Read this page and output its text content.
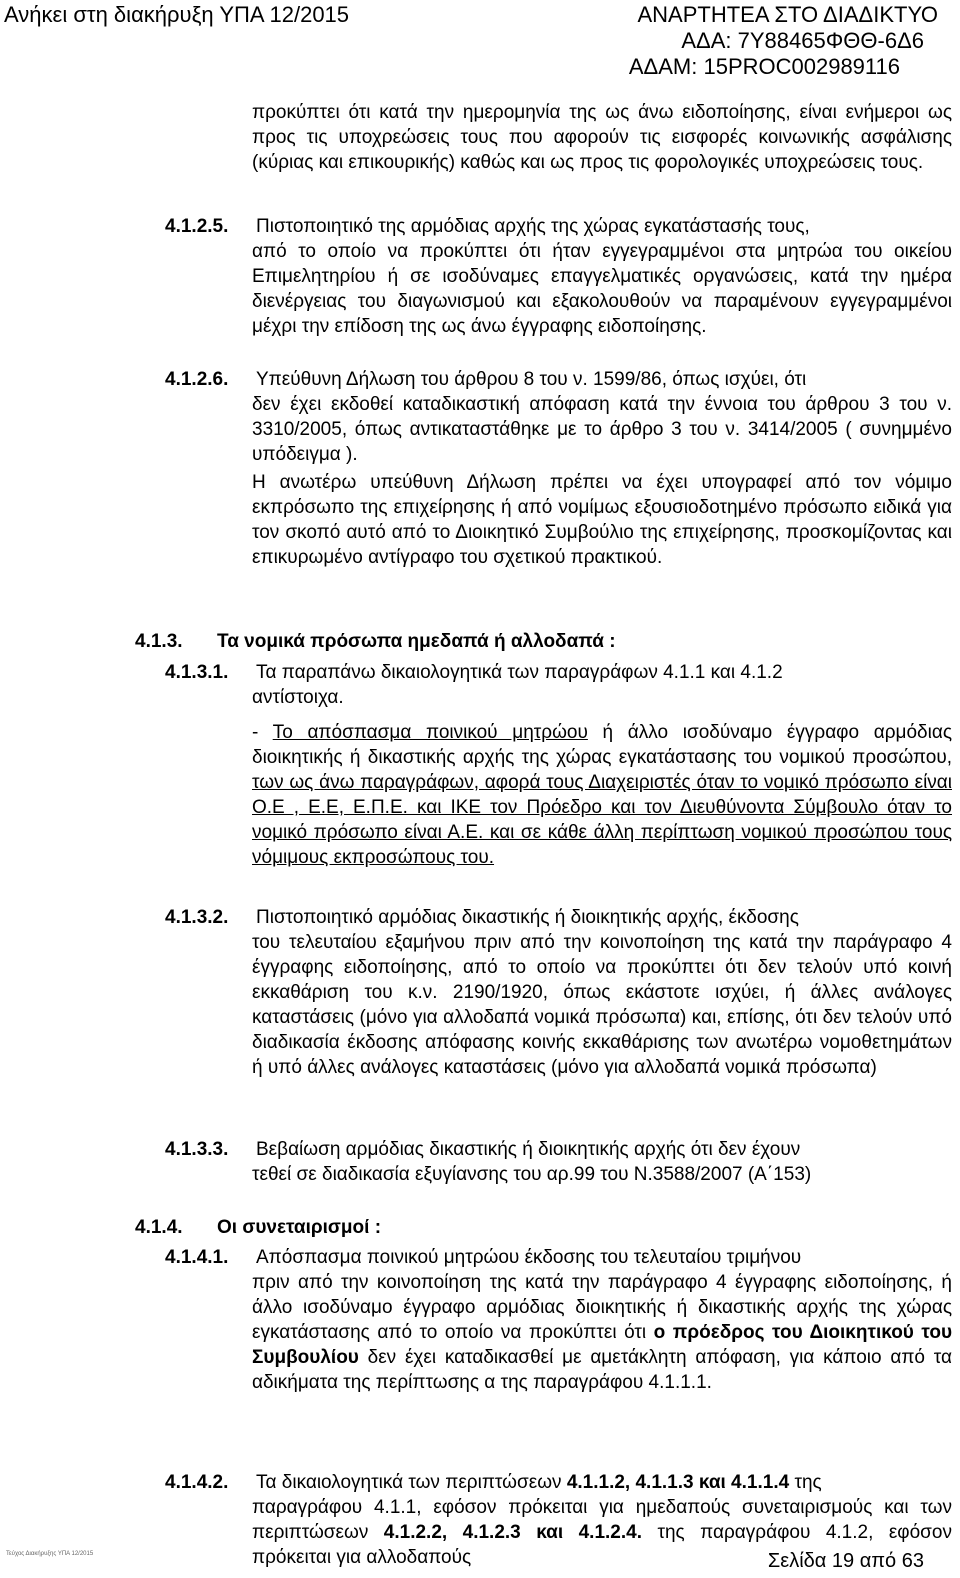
Ανήκει στη διακήρυξη ΥΠΑ 12/2015	ΑΝΑΡΤΗΤΕΑ ΣΤΟ ΔΙΑΔΙΚΤΥΟ
ΑΔΑ: 7Υ88465ΦΘΘ-6Δ6
ΑΔΑΜ: 15PROC002989116

προκύπτει ότι κατά την ημερομηνία της ως άνω ειδοποίησης, είναι ενήμεροι ως προς τις υποχρεώσεις τους που αφορούν τις εισφορές κοινωνικής ασφάλισης (κύριας και επικουρικής) καθώς και ως προς τις φορολογικές υποχρεώσεις τους.

4.1.2.5. Πιστοποιητικό της αρμόδιας αρχής της χώρας εγκατάστασής τους,

από το οποίο να προκύπτει ότι ήταν εγγεγραμμένοι στα μητρώα του οικείου Επιμελητηρίου ή σε ισοδύναμες επαγγελματικές οργανώσεις, κατά την ημέρα διενέργειας του διαγωνισμού και εξακολουθούν να παραμένουν εγγεγραμμένοι μέχρι την επίδοση της ως άνω έγγραφης ειδοποίησης.

4.1.2.6. Υπεύθυνη Δήλωση του άρθρου 8 του ν. 1599/86, όπως ισχύει, ότι

δεν έχει εκδοθεί καταδικαστική απόφαση κατά την έννοια του άρθρου 3 του ν. 3310/2005, όπως αντικαταστάθηκε με το άρθρο 3 του ν. 3414/2005 ( συνημμένο υπόδειγμα ).

Η ανωτέρω υπεύθυνη Δήλωση πρέπει να έχει υπογραφεί από τον νόμιμο εκπρόσωπο της επιχείρησης ή από νομίμως εξουσιοδοτημένο πρόσωπο ειδικά για τον σκοπό αυτό από το Διοικητικό Συμβούλιο της επιχείρησης, προσκομίζοντας και επικυρωμένο αντίγραφο του σχετικού πρακτικού.

4.1.3. Τα νομικά πρόσωπα ημεδαπά ή αλλοδαπά :
4.1.3.1. Τα παραπάνω δικαιολογητικά των παραγράφων 4.1.1 και 4.1.2

αντίστοιχα.

- Το απόσπασμα ποινικού μητρώου ή άλλο ισοδύναμο έγγραφο αρμόδιας διοικητικής ή δικαστικής αρχής της χώρας εγκατάστασης του νομικού προσώπου, των ως άνω παραγράφων, αφορά τους Διαχειριστές όταν το νομικό πρόσωπο είναι Ο.Ε , Ε.Ε, Ε.Π.Ε. και ΙΚΕ τον Πρόεδρο και τον Διευθύνοντα Σύμβουλο όταν το νομικό πρόσωπο είναι Α.Ε. και σε κάθε άλλη περίπτωση νομικού προσώπου τους νόμιμους εκπροσώπους του.

4.1.3.2. Πιστοποιητικό αρμόδιας δικαστικής ή διοικητικής αρχής, έκδοσης

του τελευταίου εξαμήνου πριν από την κοινοποίηση της κατά την παράγραφο 4 έγγραφης ειδοποίησης, από το οποίο να προκύπτει ότι δεν τελούν υπό κοινή εκκαθάριση του κ.ν. 2190/1920, όπως εκάστοτε ισχύει, ή άλλες ανάλογες καταστάσεις (μόνο για αλλοδαπά νομικά πρόσωπα) και, επίσης, ότι δεν τελούν υπό διαδικασία έκδοσης απόφασης κοινής εκκαθάρισης των ανωτέρω νομοθετημάτων ή υπό άλλες ανάλογες καταστάσεις (μόνο για αλλοδαπά νομικά πρόσωπα)

4.1.3.3. Βεβαίωση αρμόδιας δικαστικής ή διοικητικής αρχής ότι δεν έχουν

τεθεί σε διαδικασία εξυγίανσης του αρ.99 του Ν.3588/2007 (Α΄153)

4.1.4. Οι συνεταιρισμοί :
4.1.4.1. Απόσπασμα ποινικού μητρώου έκδοσης του τελευταίου τριμήνου

πριν από την κοινοποίηση της κατά την παράγραφο 4 έγγραφης ειδοποίησης, ή άλλο ισοδύναμο έγγραφο αρμόδιας διοικητικής ή δικαστικής αρχής της χώρας εγκατάστασης από το οποίο να προκύπτει ότι ο πρόεδρος του Διοικητικού του Συμβουλίου δεν έχει καταδικασθεί με αμετάκλητη απόφαση, για κάποιο από τα αδικήματα της περίπτωσης α της παραγράφου 4.1.1.1.

4.1.4.2. Τα δικαιολογητικά των περιπτώσεων 4.1.1.2, 4.1.1.3 και 4.1.1.4 της

παραγράφου 4.1.1, εφόσον πρόκειται για ημεδαπούς συνεταιρισμούς και των περιπτώσεων 4.1.2.2, 4.1.2.3 και 4.1.2.4. της παραγράφου 4.1.2, εφόσον πρόκειται για αλλοδαπούς

Τεύχος Διακήρυξης ΥΠΑ 12/2015	Σελίδα 19 από 63
